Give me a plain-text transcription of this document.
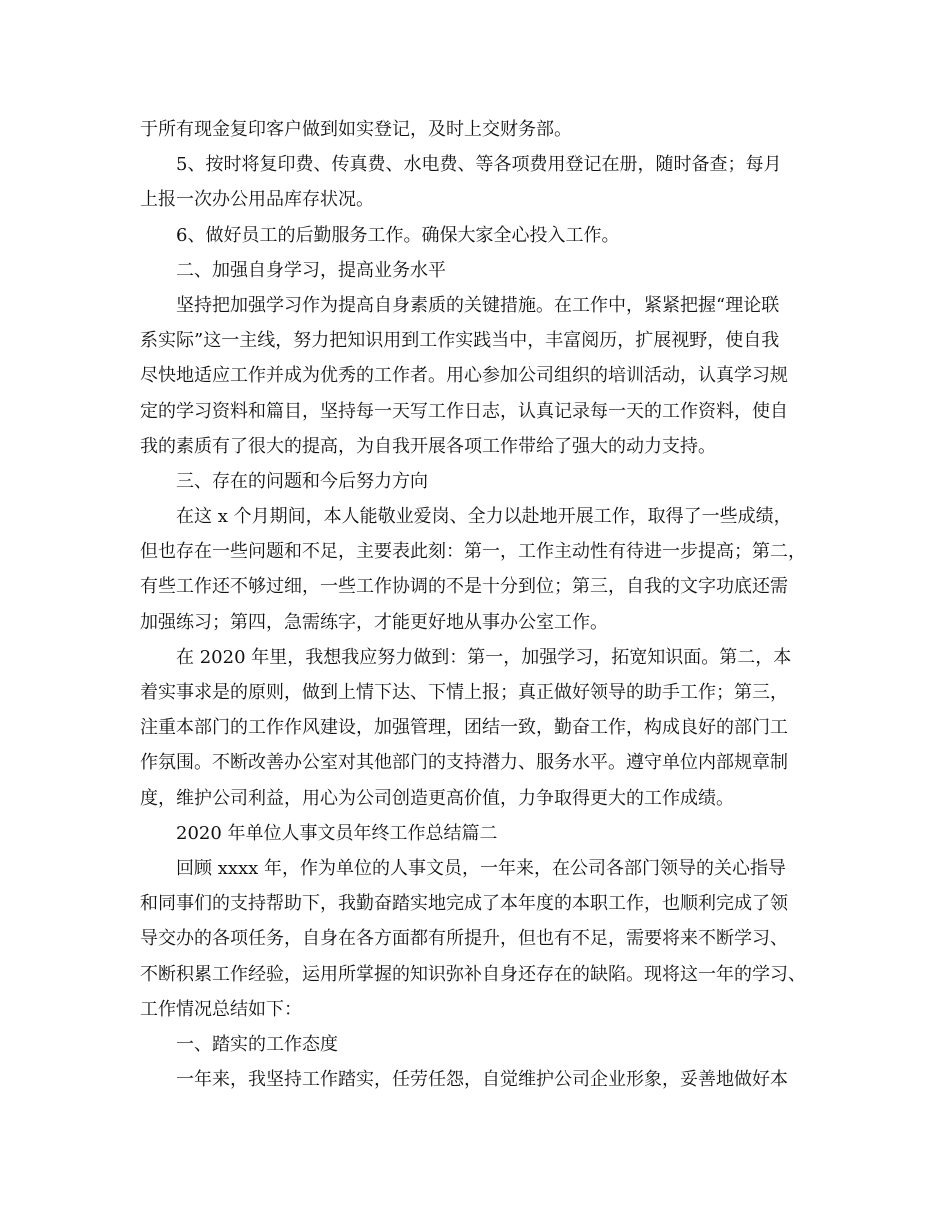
于所有现金复印客户做到如实登记，及时上交财务部。
5、按时将复印费、传真费、水电费、等各项费用登记在册，随时备查；每月
上报一次办公用品库存状况。
6、做好员工的后勤服务工作。确保大家全心投入工作。
二、加强自身学习，提高业务水平
坚持把加强学习作为提高自身素质的关键措施。在工作中，紧紧把握“理论联
系实际”这一主线，努力把知识用到工作实践当中，丰富阅历，扩展视野，使自我
尽快地适应工作并成为优秀的工作者。用心参加公司组织的培训活动，认真学习规
定的学习资料和篇目，坚持每一天写工作日志，认真记录每一天的工作资料，使自
我的素质有了很大的提高，为自我开展各项工作带给了强大的动力支持。
三、存在的问题和今后努力方向
在这 x 个月期间，本人能敬业爱岗、全力以赴地开展工作，取得了一些成绩，
但也存在一些问题和不足，主要表此刻：第一，工作主动性有待进一步提高；第二，
有些工作还不够过细，一些工作协调的不是十分到位；第三，自我的文字功底还需
加强练习；第四，急需练字，才能更好地从事办公室工作。
在 2020 年里，我想我应努力做到：第一，加强学习，拓宽知识面。第二，本
着实事求是的原则，做到上情下达、下情上报；真正做好领导的助手工作；第三，
注重本部门的工作作风建设，加强管理，团结一致，勤奋工作，构成良好的部门工
作氛围。不断改善办公室对其他部门的支持潜力、服务水平。遵守单位内部规章制
度，维护公司利益，用心为公司创造更高价值，力争取得更大的工作成绩。
2020 年单位人事文员年终工作总结篇二
回顾 xxxx 年，作为单位的人事文员，一年来，在公司各部门领导的关心指导
和同事们的支持帮助下，我勤奋踏实地完成了本年度的本职工作，也顺利完成了领
导交办的各项任务，自身在各方面都有所提升，但也有不足，需要将来不断学习、
不断积累工作经验，运用所掌握的知识弥补自身还存在的缺陷。现将这一年的学习、
工作情况总结如下：
一、踏实的工作态度
一年来，我坚持工作踏实，任劳任怨，自觉维护公司企业形象，妥善地做好本
